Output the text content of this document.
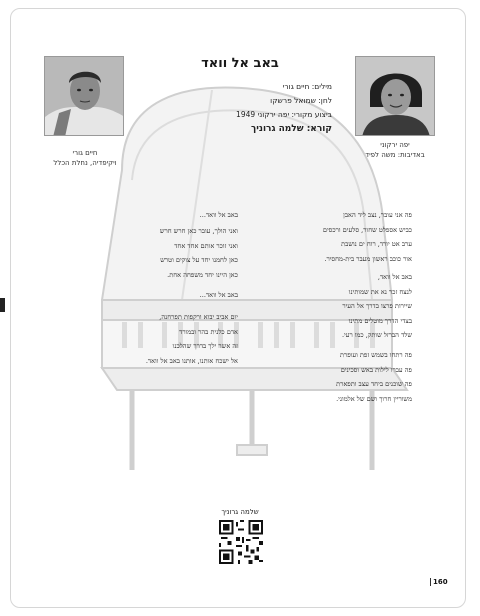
חיים גורי
ויקיפדיה, נחלת הכלל
יפה ירקוני
באדיבות: משה לפיד
באב אל וואד
מילים: חיים גורי
לחן: שמואל פרשקו
ביצוע מקורי: יפה ירקוני 1949
קורא: שלמה גרוניך
פה אני עובר, נצב ליד האבן
כביש אספלט שחור, סלעים ורכסים
ערב אט יורד, רוח ים נושבת
אור כוכב ראשון מעבר בית-מחסיר.
באב אל וואד,
לנצח זכר נא את שמותינו
שיירות פרצו בדרך אל העיר
בצדי הדרך מוטלים מתינו
שלד הברזל שותק, כמו רעי.
פה רתחו בשמש זפת ועופרת
פה עברו לילות באש וסכינים
פה שוכנים ביחד עצב ותפארת
משוריין חרוך ושם של אלמוני.
באב אל וואד...
ואני הולך, עובר כאן חרש חרש
ואני זוכר אותם אחד אחד
כאן לחמנו יחד על צוקים וטרש
כאן היינו יחד משפחה אחת.
באב אל וואד...
יום אביב יבוא ורקפות תפרחנה,
אדם כלנית בהר ובמורד
זה אשר ילך בדרך שהלכנו
אל ישכח אותנו, אותנו באב אל וואד.
שלמה גרוניך
160
